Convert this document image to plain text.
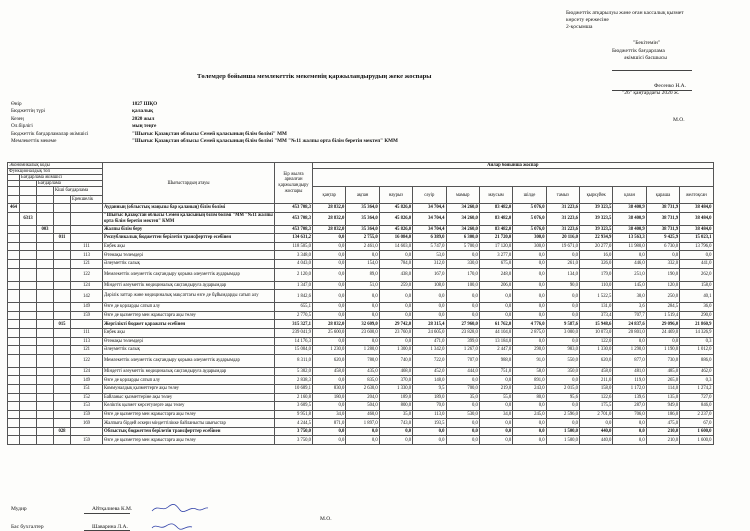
Бюджеттік атқарылуы және оған кассалық қызмет
көрсету ережесіне
2-қосымша
"Бекітемін"
Бюджеттік бағдарлама
әкімшісі басшысы
Фесенко Н.А.
"26" қаңтардағы 2020 ж.
М.О.
Төлемдер бойынша мемлекеттік мекеменің қаржыландырудың жеке жоспары
Өнір
Бюджеттің түрі
Кезең
Ол.бірлігі
Бюджеттік бағдарламалар әкімшісі
Мемлекеттік мекеме
1827 ШҚО
қалалық
2020 жыл
мың теңге
"Шығыс Қазақстан облысы Семей қаласының білім бөлімі" ММ
"Шығыс Қазақстан облысы Семей қаласының білім бөлімі "ММ "№11 жалпы орта білім беретін мектеп" КММ
Экономикалық коды					Шығыстардың атауы	Бір жылға арналған қаржыландыру жоспары	Айлар бойынша жоспар											
Функционалдық топ																		
	Бағдарлама әкімшісі																	
		Бағдарлама																
			Кіші бағдарлама				қаңтар	ақпан	наурыз	сәуір	мамыр	маусым	шілде	тамыз	қыркүйек	қазан	қараша	желтоқсан
				Ерекшелік														
464					Ауданның (облыстық маңызы бар қаланың) білім бөлімі	453 708,3	28 832,0	35 364,0	45 826,0	34 704,4	34 260,0	83 482,0	5 076,0	31 223,6	39 323,5	38 400,9	38 731,9	38 484,0
	6313				"Шығыс Қазақстан облысы Семей қаласының білім бөлімі "ММ "№11 жалпы орта білім беретін мектеп" КММ	453 708,3	28 832,0	35 364,0	45 826,0	34 704,4	34 260,0	83 482,0	5 076,0	31 223,6	39 323,5	38 400,9	38 731,9	38 484,0
		003			Жалпы білім беру	453 708,3	28 832,0	35 364,0	45 826,0	34 704,4	34 260,0	83 482,0	5 076,0	31 223,6	39 323,5	38 400,9	38 731,9	38 484,0
			011		Республикалық бюджеттен берілетін трансферттер есебінен	134 631,2	0,0	2 755,0	16 084,0	6 389,0	6 300,0	21 720,0	300,0	20 116,0	22 934,9	13 563,3	9 425,9	15 023,1
				111	Еңбек ақы	118 505,0	0,0	2 461,0	14 603,0	5 747,0	5 700,0	17 120,0	300,0	19 671,0	20 277,0	11 980,0	6 730,0	13 796,0
				113	Өтемақы төлемдері	3 348,0	0,0	0,0	0,0	53,0	0,0	3 277,0	0,0	0,0	16,0	0,0	0,0	0,0
				121	Әлеуметтік салық	4 043,0	0,0	154,0	784,0	312,0	330,0	675,0	0,0	261,0	326,0	446,0	332,0	441,0
				122	Мемлекеттік әлеуметтік сақтандыру қорына әлеуметтік аударымдар	2 120,0	0,0	89,0	438,0	167,0	170,0	248,0	0,0	134,0	179,0	251,0	190,0	262,0
				124	Міндетті әлеуметтік медициналық сақтандыруға аударымдар	1 347,0	0,0	51,0	259,0	108,0	100,0	206,0	0,0	90,0	110,0	145,0	120,0	158,0
				142	Дәрілік заттар және медициналық мақсаттағы өзге де бұйымдарды сатып алу	1 842,6	0,0	0,0	0,0	0,0	0,0	0,0	0,0	0,0	1 522,5	30,0	250,0	40,1
				149	Өзге де қорларды сатып алу	655,1	0,0	0,0	0,0	0,0	0,0	0,0	0,0	0,0	131,0	3,6	284,5	36,0
				159	Өзге де қызметтер мен жұмыстарға ақы төлеу	2 770,5	0,0	0,0	0,0	0,0	0,0	0,0	0,0	0,0	373,4	707,7	1 519,4	290,0
			015		Жергілікті бюджет қаражаты есебінен	315 327,1	28 832,0	32 609,0	29 742,0	28 315,4	27 960,0	61 762,0	4 776,0	9 587,6	15 948,6	24 837,6	29 096,0	21 860,9
				111	Еңбек ақы	239 041,9	25 600,0	23 600,0	23 760,0	24 605,0	23 828,0	44 104,0	2 875,0	3 000,0	10 073,0	20 801,0	24 469,0	14 326,9
				113	Өтемақы төлемдері	14 176,3	0,0	0,0	0,0	471,0	399,0	13 184,0	0,0	0,0	122,0	0,0	0,0	0,3
				121	Әлеуметтік салық	15 004,0	1 230,0	1 280,0	1 300,0	1 342,0	1 267,0	2 447,0	290,0	983,0	1 330,0	1 290,0	1 190,0	1 012,0
				122	Мемлекеттік әлеуметтік сақтандыру қорына әлеуметтік аударымдар	8 311,0	620,0	780,0	740,0	722,0	707,0	988,0	91,0	550,0	620,0	877,0	730,0	886,0
				124	Міндетті әлеуметтік медициналық сақтандыруға аударымдар	5 302,0	458,0	435,0	468,0	452,0	444,0	751,0	58,0	350,0	458,0	481,0	485,0	462,0
				149	Өзге де қорларды сатып алу	2 838,3	0,0	835,0	370,0	148,0	0,0	0,0	891,0	0,0	211,0	119,0	265,0	0,3
				151	Коммуналдық қызметтерге ақы төлеу	10 689,1	830,0	2 630,0	1 330,0	9,5	700,0	219,0	243,0	2 015,0	158,0	1 172,0	114,0	1 274,2
				152	Байланыс қызметтеріне ақы төлеу	2 160,8	180,0	204,0	189,0	189,0	35,0	55,0	80,0	95,6	122,6	139,6	135,0	727,0
				153	Көліктік қызмет көрсетулерге ақы төлеу	3 609,5	0,0	504,0	800,0	70,0	0,0	0,0	0,0	0,0	175,5	287,0	949,0	846,0
				159	Өзге де қызметтер мен жұмыстарға ақы төлеу	9 951,8	34,0	460,0	35,0	113,0	530,0	34,0	245,0	2 596,0	2 701,0	706,0	186,0	2 237,0
				169	Жалпыға бірдей әскери міндеттілікке байланысты шығыстар	4 244,5	871,0	1 897,0	743,0	193,5	0,0	0,0	0,0	0,0	0,0	0,0	475,0	67,0
			028		Облыстық бюджеттен берілетін трансферттер есебінен	3 750,0	0,0	0,0	0,0	0,0	0,0	0,0	0,0	1 500,0	440,0	0,0	210,0	1 600,0
				159	Өзге де қызметтер мен жұмыстарға ақы төлеу	3 750,0	0,0	0,0	0,0	0,0	0,0	0,0	0,0	1 500,0	440,0	0,0	210,0	1 600,0
Мудир	Айтқалиева К.М.
М.О.
Бас бухгалтер	Шаварина Л.А.
